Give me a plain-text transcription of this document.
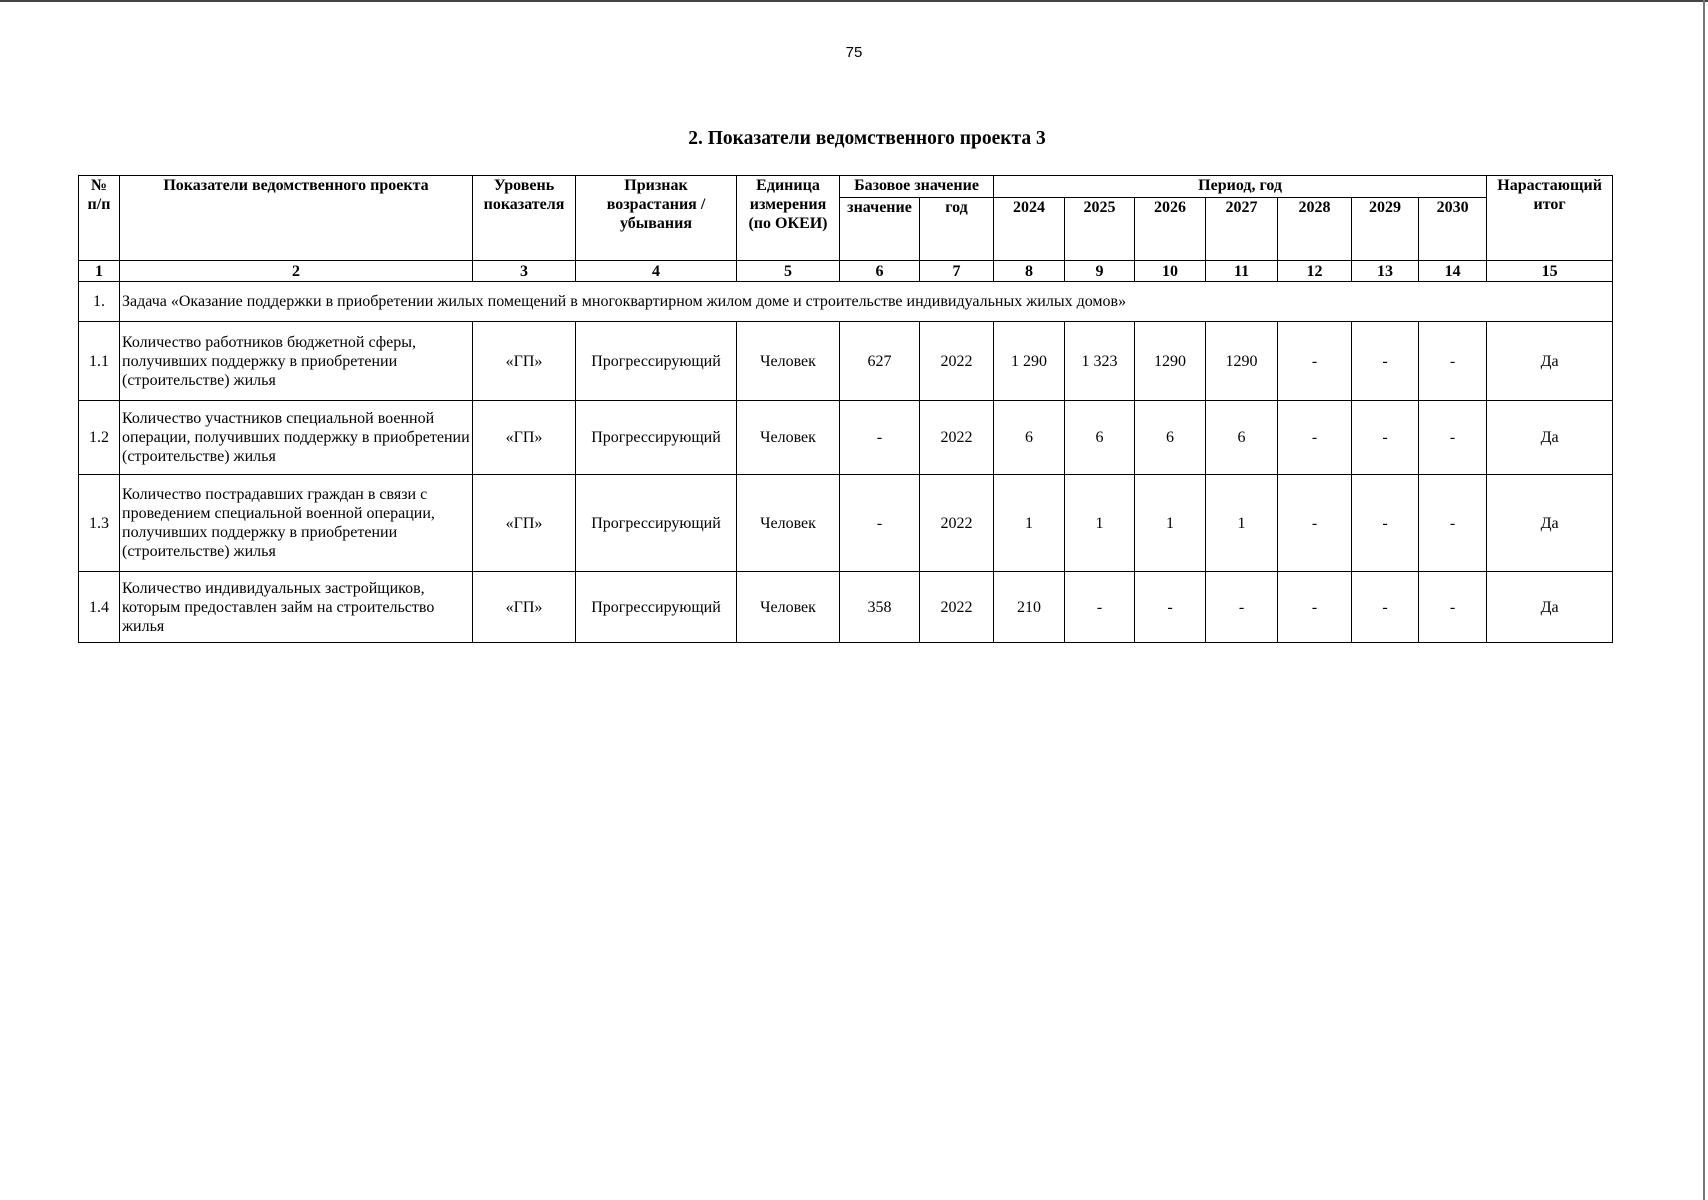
75
2. Показатели ведомственного проекта 3
№
п/п	Показатели ведомственного проекта	Уровень показателя	Признак возрастания / убывания	Единица измерения (по ОКЕИ)	Базовое значение		Период, год							Нарастающий итог
					значение	год	2024	2025	2026	2027	2028	2029	2030	
1	2	3	4	5	6	7	8	9	10	11	12	13	14	15
1.	Задача «Оказание поддержки в приобретении жилых помещений в многоквартирном жилом доме и строительстве индивидуальных жилых домов»													
1.1	Количество работников бюджетной сферы, получивших поддержку в приобретении (строительстве) жилья	«ГП»	Прогрессирующий	Человек	627	2022	1 290	1 323	1290	1290	-	-	-	Да
1.2	Количество участников специальной военной операции, получивших поддержку в приобретении (строительстве) жилья	«ГП»	Прогрессирующий	Человек	-	2022	6	6	6	6	-	-	-	Да
1.3	Количество пострадавших граждан в связи с проведением специальной военной операции, получивших поддержку в приобретении (строительстве) жилья	«ГП»	Прогрессирующий	Человек	-	2022	1	1	1	1	-	-	-	Да
1.4	Количество индивидуальных застройщиков, которым предоставлен займ на строительство жилья	«ГП»	Прогрессирующий	Человек	358	2022	210	-	-	-	-	-	-	Да
